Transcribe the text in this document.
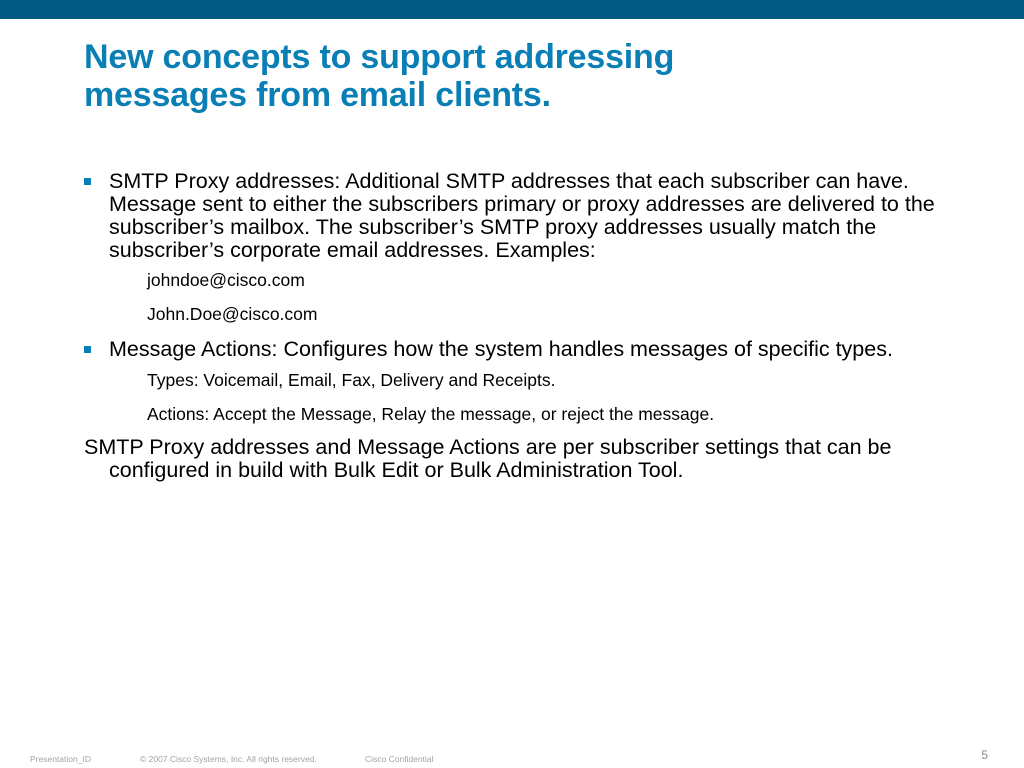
New concepts to support addressing
messages from email clients.
SMTP Proxy addresses: Additional SMTP addresses that each subscriber can have. Message sent to either the subscribers primary or proxy addresses are delivered to the subscriber’s mailbox. The subscriber’s SMTP proxy addresses usually match the subscriber’s corporate email addresses. Examples:

johndoe@cisco.com

John.Doe@cisco.com

Message Actions: Configures how the system handles messages of specific types.

Types: Voicemail, Email, Fax, Delivery and Receipts.

Actions: Accept the Message, Relay the message, or reject the message.

SMTP Proxy addresses and Message Actions are per subscriber settings that can be configured in build with Bulk Edit or Bulk Administration Tool.

Presentation_ID	© 2007 Cisco Systems, Inc. All rights reserved.	Cisco Confidential	5
